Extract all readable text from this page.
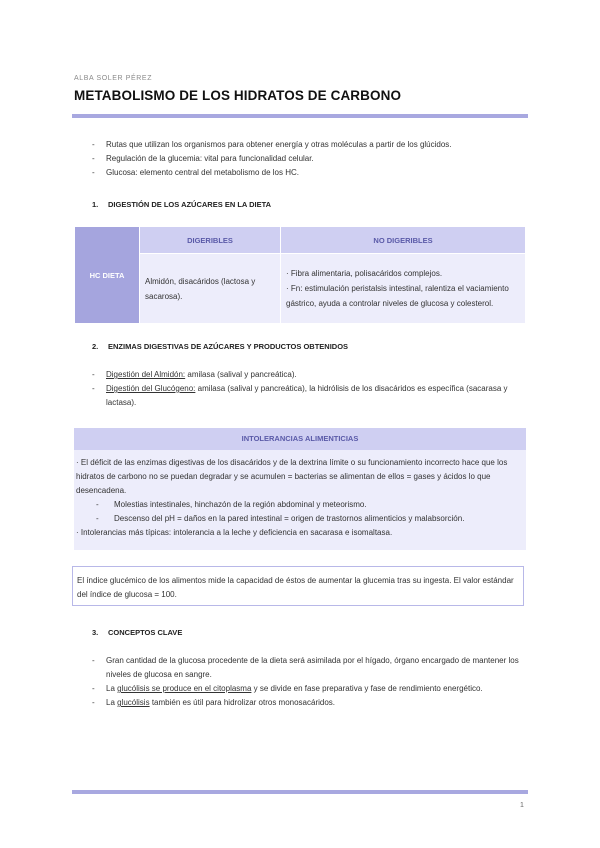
ALBA SOLER PÉREZ
METABOLISMO DE LOS HIDRATOS DE CARBONO
- Rutas que utilizan los organismos para obtener energía y otras moléculas a partir de los glúcidos.
- Regulación de la glucemia: vital para funcionalidad celular.
- Glucosa: elemento central del metabolismo de los HC.
1. DIGESTIÓN DE LOS AZÚCARES EN LA DIETA
HC DIETA	DIGERIBLES	NO DIGERIBLES
	Almidón, disacáridos (lactosa y sacarosa).	· Fibra alimentaria, polisacáridos complejos.
· Fn: estimulación peristalsis intestinal, ralentiza el vaciamiento gástrico, ayuda a controlar niveles de glucosa y colesterol.
2. ENZIMAS DIGESTIVAS DE AZÚCARES Y PRODUCTOS OBTENIDOS
- Digestión del Almidón: amilasa (salival y pancreática).
- Digestión del Glucógeno: amilasa (salival y pancreática), la hidrólisis de los disacáridos es específica (sacarasa y lactasa).
INTOLERANCIAS ALIMENTICIAS
· El déficit de las enzimas digestivas de los disacáridos y de la dextrina límite o su funcionamiento incorrecto hace que los hidratos de carbono no se puedan degradar y se acumulen = bacterias se alimentan de ellos = gases y ácidos lo que desencadena.
- Molestias intestinales, hinchazón de la región abdominal y meteorismo.
- Descenso del pH = daños en la pared intestinal = origen de trastornos alimenticios y malabsorción.
· Intolerancias más típicas: intolerancia a la leche y deficiencia en sacarasa e isomaltasa.
El índice glucémico de los alimentos mide la capacidad de éstos de aumentar la glucemia tras su ingesta. El valor estándar del índice de glucosa = 100.
3. CONCEPTOS CLAVE
- Gran cantidad de la glucosa procedente de la dieta será asimilada por el hígado, órgano encargado de mantener los niveles de glucosa en sangre.
- La glucólisis se produce en el citoplasma y se divide en fase preparativa y fase de rendimiento energético.
- La glucólisis también es útil para hidrolizar otros monosacáridos.
1
